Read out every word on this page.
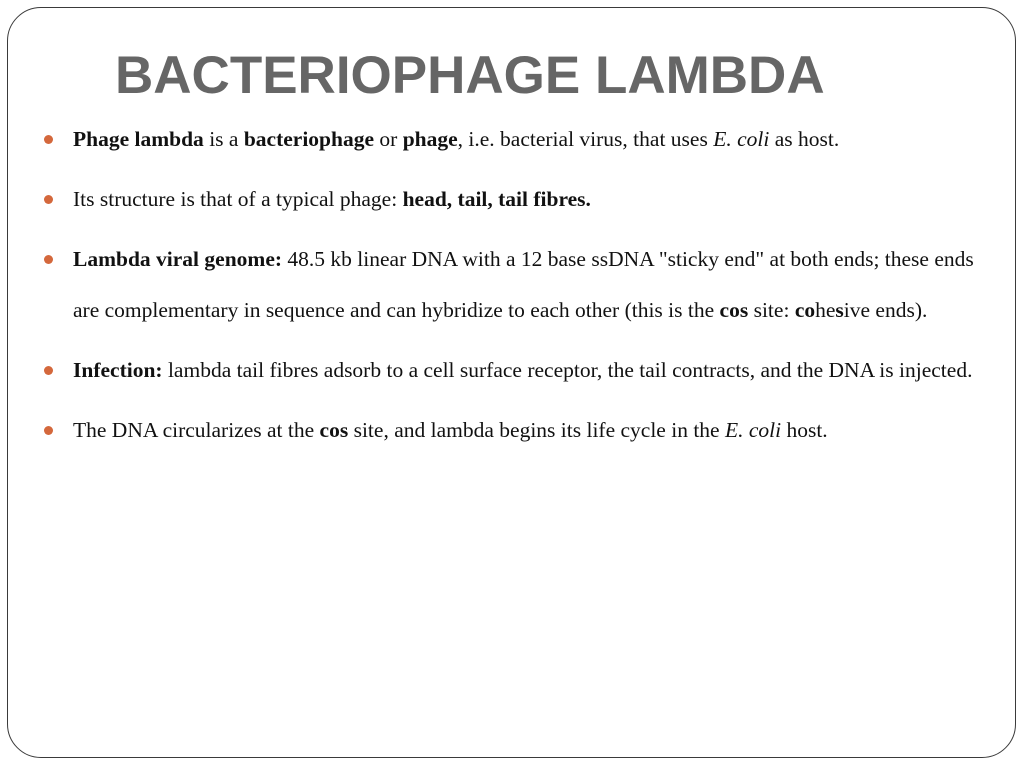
BACTERIOPHAGE LAMBDA
Phage lambda is a bacteriophage or phage, i.e. bacterial virus, that uses E. coli as host.
Its structure is that of a typical phage: head, tail, tail fibres.
Lambda viral genome: 48.5 kb linear DNA with a 12 base ssDNA "sticky end" at both ends; these ends are complementary in sequence and can hybridize to each other (this is the cos site: cohesive ends).
Infection: lambda tail fibres adsorb to a cell surface receptor, the tail contracts, and the DNA is injected.
The DNA circularizes at the cos site, and lambda begins its life cycle in the E. coli host.
